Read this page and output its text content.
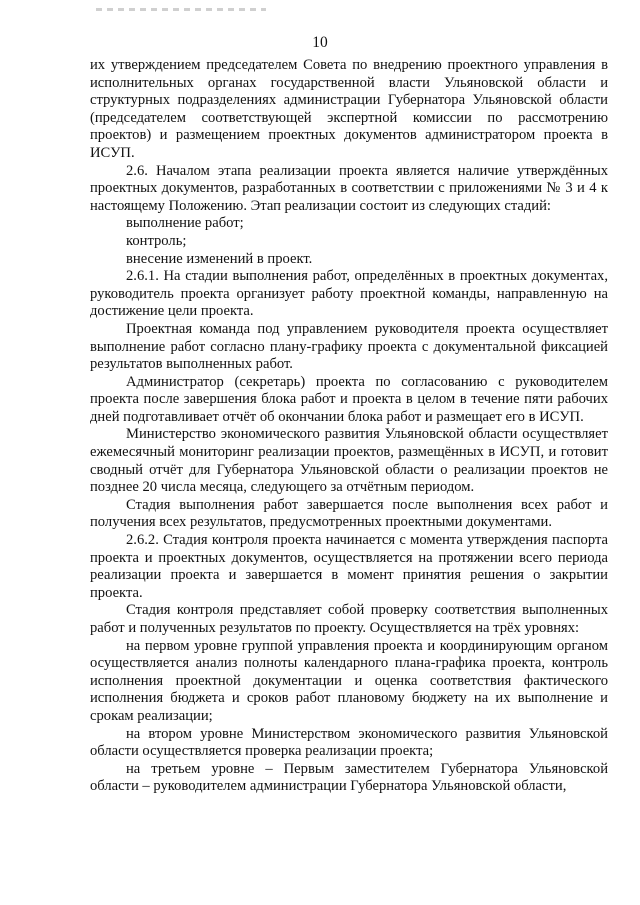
10

их утверждением председателем Совета по внедрению проектного управления в исполнительных органах государственной власти Ульяновской области и структурных подразделениях администрации Губернатора Ульяновской области (председателем соответствующей экспертной комиссии по рассмотрению проектов) и размещением проектных документов администратором проекта в ИСУП.

2.6. Началом этапа реализации проекта является наличие утверждённых проектных документов, разработанных в соответствии с приложениями № 3 и 4 к настоящему Положению. Этап реализации состоит из следующих стадий:

выполнение работ;

контроль;

внесение изменений в проект.

2.6.1. На стадии выполнения работ, определённых в проектных документах, руководитель проекта организует работу проектной команды, направленную на достижение цели проекта.

Проектная команда под управлением руководителя проекта осуществляет выполнение работ согласно плану-графику проекта с документальной фиксацией результатов выполненных работ.

Администратор (секретарь) проекта по согласованию с руководителем проекта после завершения блока работ и проекта в целом в течение пяти рабочих дней подготавливает отчёт об окончании блока работ и размещает его в ИСУП.

Министерство экономического развития Ульяновской области осуществляет ежемесячный мониторинг реализации проектов, размещённых в ИСУП, и готовит сводный отчёт для Губернатора Ульяновской области о реализации проектов не позднее 20 числа месяца, следующего за отчётным периодом.

Стадия выполнения работ завершается после выполнения всех работ и получения всех результатов, предусмотренных проектными документами.

2.6.2. Стадия контроля проекта начинается с момента утверждения паспорта проекта и проектных документов, осуществляется на протяжении всего периода реализации проекта и завершается в момент принятия решения о закрытии проекта.

Стадия контроля представляет собой проверку соответствия выполненных работ и полученных результатов по проекту. Осуществляется на трёх уровнях:

на первом уровне группой управления проекта и координирующим органом осуществляется анализ полноты календарного плана-графика проекта, контроль исполнения проектной документации и оценка соответствия фактического исполнения бюджета и сроков работ плановому бюджету на их выполнение и срокам реализации;

на втором уровне Министерством экономического развития Ульяновской области осуществляется проверка реализации проекта;

на третьем уровне – Первым заместителем Губернатора Ульяновской области – руководителем администрации Губернатора Ульяновской области,
